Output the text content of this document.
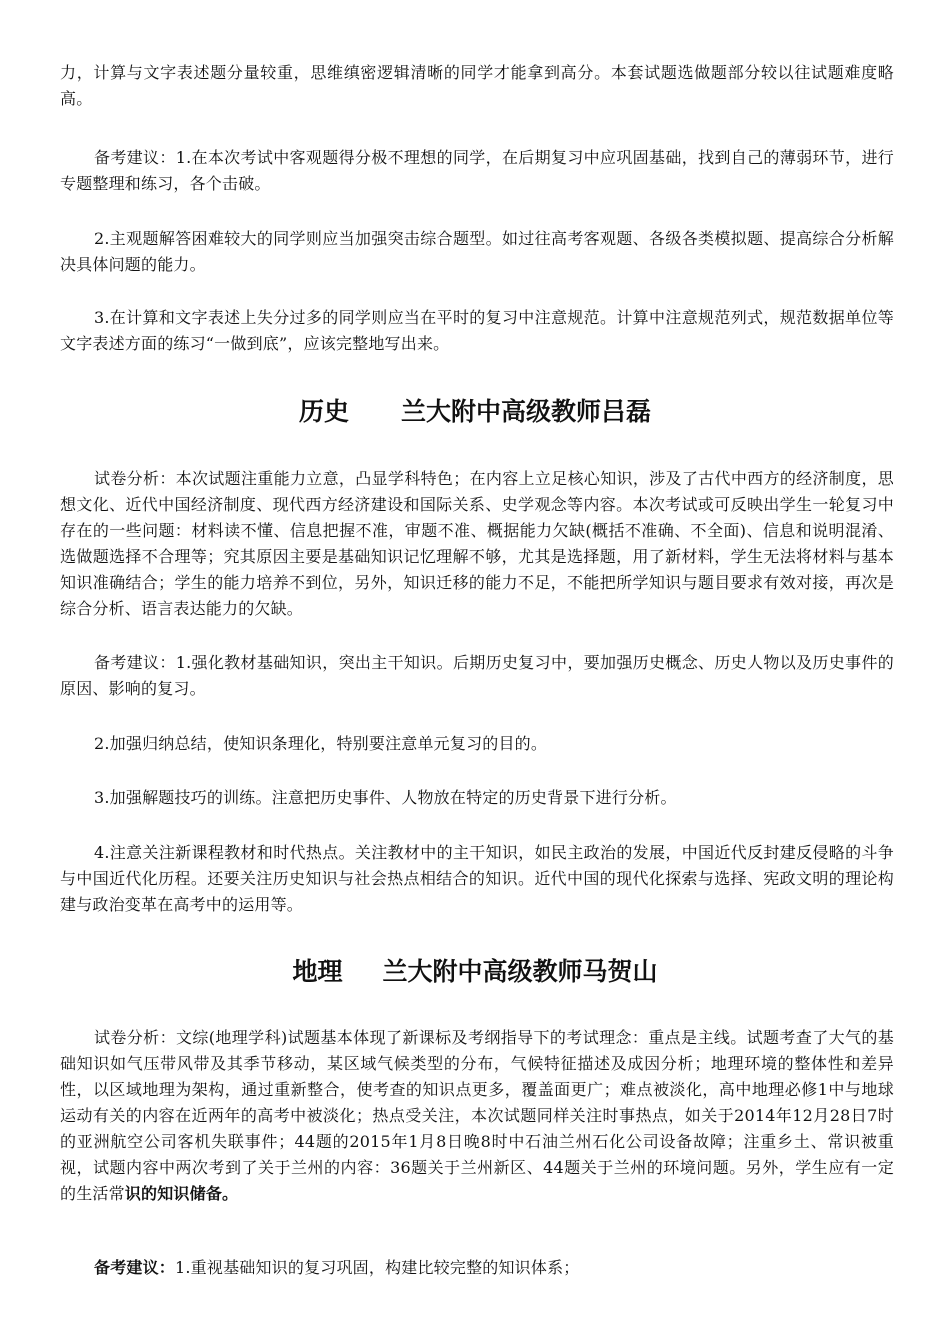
力，计算与文字表述题分量较重，思维缜密逻辑清晰的同学才能拿到高分。本套试题选做题部分较以往试题难度略高。

备考建议：1.在本次考试中客观题得分极不理想的同学，在后期复习中应巩固基础，找到自己的薄弱环节，进行专题整理和练习，各个击破。

2.主观题解答困难较大的同学则应当加强突击综合题型。如过往高考客观题、各级各类模拟题、提高综合分析解决具体问题的能力。

3.在计算和文字表述上失分过多的同学则应当在平时的复习中注意规范。计算中注意规范列式，规范数据单位等文字表述方面的练习“一做到底”，应该完整地写出来。

历史 兰大附中高级教师吕磊

试卷分析：本次试题注重能力立意，凸显学科特色；在内容上立足核心知识，涉及了古代中西方的经济制度，思想文化、近代中国经济制度、现代西方经济建设和国际关系、史学观念等内容。本次考试或可反映出学生一轮复习中存在的一些问题：材料读不懂、信息把握不准，审题不准、概据能力欠缺(概括不准确、不全面)、信息和说明混淆、选做题选择不合理等；究其原因主要是基础知识记忆理解不够，尤其是选择题，用了新材料，学生无法将材料与基本知识准确结合；学生的能力培养不到位，另外，知识迁移的能力不足，不能把所学知识与题目要求有效对接，再次是综合分析、语言表达能力的欠缺。

备考建议：1.强化教材基础知识，突出主干知识。后期历史复习中，要加强历史概念、历史人物以及历史事件的原因、影响的复习。

2.加强归纳总结，使知识条理化，特别要注意单元复习的目的。

3.加强解题技巧的训练。注意把历史事件、人物放在特定的历史背景下进行分析。

4.注意关注新课程教材和时代热点。关注教材中的主干知识，如民主政治的发展，中国近代反封建反侵略的斗争与中国近代化历程。还要关注历史知识与社会热点相结合的知识。近代中国的现代化探索与选择、宪政文明的理论构建与政治变革在高考中的运用等。

地理 兰大附中高级教师马贺山

试卷分析：文综(地理学科)试题基本体现了新课标及考纲指导下的考试理念：重点是主线。试题考查了大气的基础知识如气压带风带及其季节移动，某区域气候类型的分布，气候特征描述及成因分析；地理环境的整体性和差异性，以区域地理为架构，通过重新整合，使考查的知识点更多，覆盖面更广；难点被淡化，高中地理必修1中与地球运动有关的内容在近两年的高考中被淡化；热点受关注，本次试题同样关注时事热点，如关于2014年12月28日7时的亚洲航空公司客机失联事件；44题的2015年1月8日晚8时中石油兰州石化公司设备故障；注重乡土、常识被重视，试题内容中两次考到了关于兰州的内容：36题关于兰州新区、44题关于兰州的环境问题。另外，学生应有一定的生活常识的知识储备。

备考建议：1.重视基础知识的复习巩固，构建比较完整的知识体系；
